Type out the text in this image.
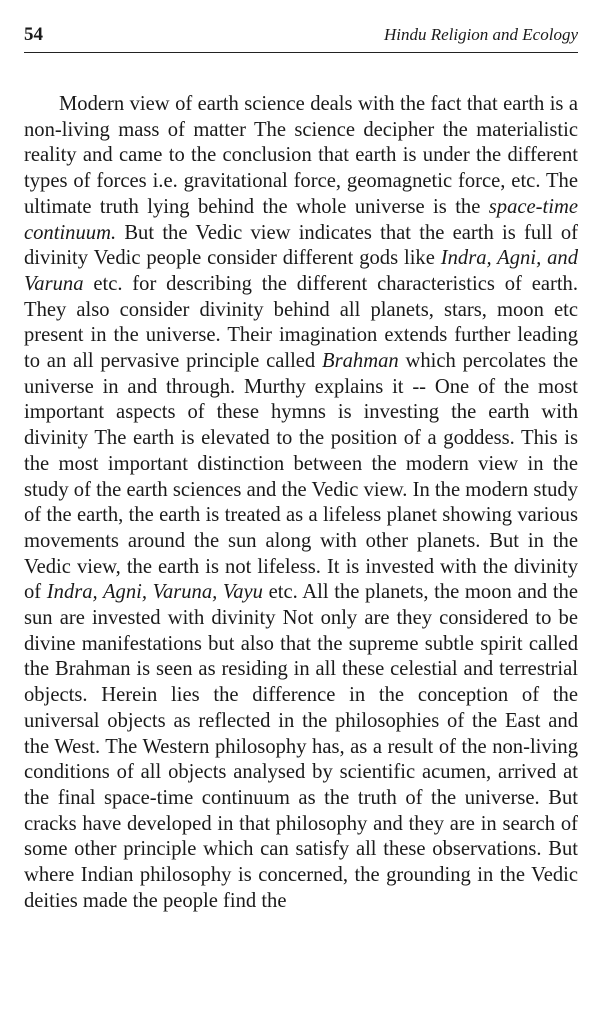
54	Hindu Religion and Ecology

Modern view of earth science deals with the fact that earth is a non-living mass of matter The science decipher the materialistic reality and came to the conclusion that earth is under the different types of forces i.e. gravitational force, geomagnetic force, etc. The ultimate truth lying behind the whole universe is the space-time continuum. But the Vedic view indicates that the earth is full of divinity Vedic people consider different gods like Indra, Agni, and Varuna etc. for describing the different characteristics of earth. They also consider divinity behind all planets, stars, moon etc present in the universe. Their imagination extends further leading to an all pervasive principle called Brahman which percolates the universe in and through. Murthy explains it -- One of the most important aspects of these hymns is investing the earth with divinity The earth is elevated to the position of a goddess. This is the most important distinction between the modern view in the study of the earth sciences and the Vedic view. In the modern study of the earth, the earth is treated as a lifeless planet showing various movements around the sun along with other planets. But in the Vedic view, the earth is not lifeless. It is invested with the divinity of Indra, Agni, Varuna, Vayu etc. All the planets, the moon and the sun are invested with divinity Not only are they considered to be divine manifestations but also that the supreme subtle spirit called the Brahman is seen as residing in all these celestial and terrestrial objects. Herein lies the difference in the conception of the universal objects as reflected in the philosophies of the East and the West. The Western philosophy has, as a result of the non-living conditions of all objects analysed by scientific acumen, arrived at the final space-time continuum as the truth of the universe. But cracks have developed in that philosophy and they are in search of some other principle which can satisfy all these observations. But where Indian philosophy is concerned, the grounding in the Vedic deities made the people find the
